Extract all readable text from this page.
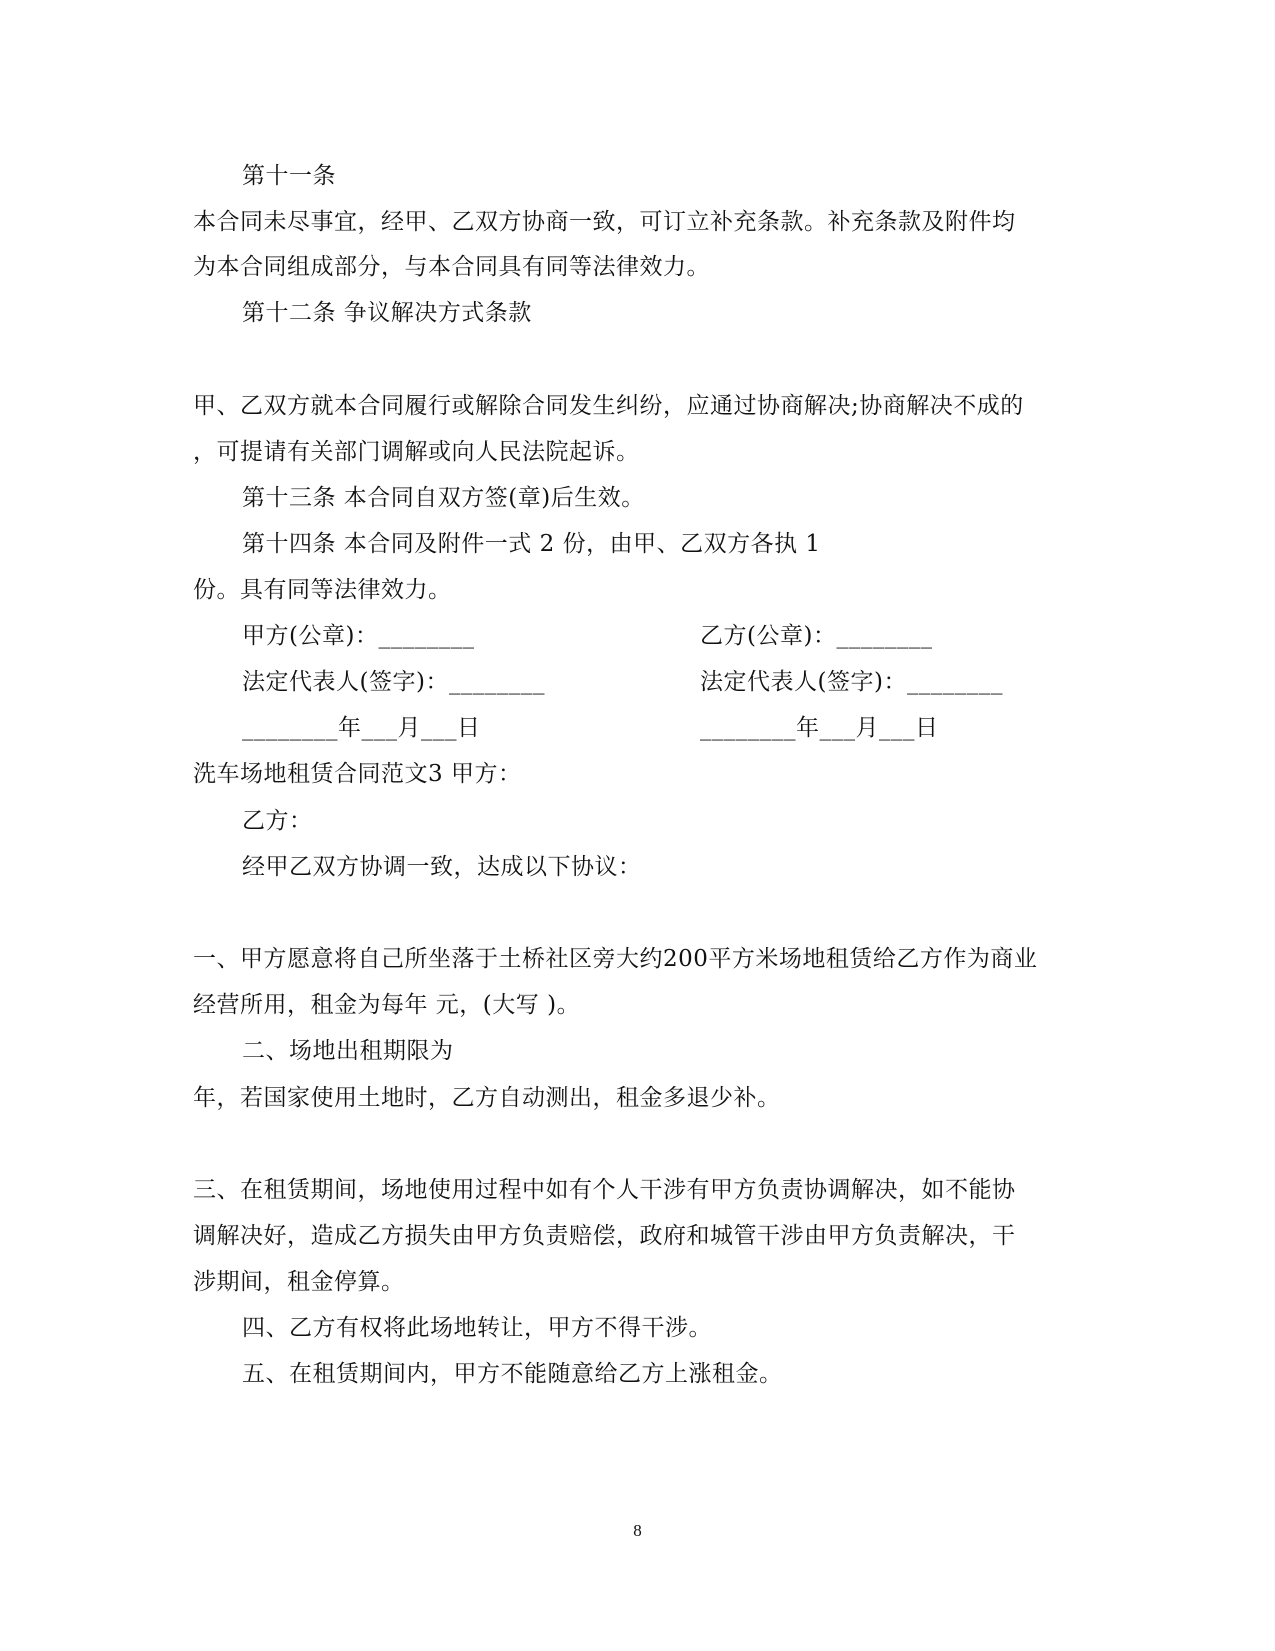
第十一条
本合同未尽事宜，经甲、乙双方协商一致，可订立补充条款。补充条款及附件均
为本合同组成部分，与本合同具有同等法律效力。
第十二条 争议解决方式条款
甲、乙双方就本合同履行或解除合同发生纠纷，应通过协商解决;协商解决不成的
，可提请有关部门调解或向人民法院起诉。
第十三条 本合同自双方签(章)后生效。
第十四条 本合同及附件一式 2 份，由甲、乙双方各执 1
份。具有同等法律效力。
甲方(公章)：________	乙方(公章)：________
法定代表人(签字)：________	法定代表人(签字)：________
________年___月___日	________年___月___日
洗车场地租赁合同范文3 甲方：
乙方：
经甲乙双方协调一致，达成以下协议：
一、甲方愿意将自己所坐落于土桥社区旁大约200平方米场地租赁给乙方作为商业
经营所用，租金为每年 元，(大写 )。
二、场地出租期限为
年，若国家使用土地时，乙方自动测出，租金多退少补。
三、在租赁期间，场地使用过程中如有个人干涉有甲方负责协调解决，如不能协
调解决好，造成乙方损失由甲方负责赔偿，政府和城管干涉由甲方负责解决，干
涉期间，租金停算。
四、乙方有权将此场地转让，甲方不得干涉。
五、在租赁期间内，甲方不能随意给乙方上涨租金。
8
